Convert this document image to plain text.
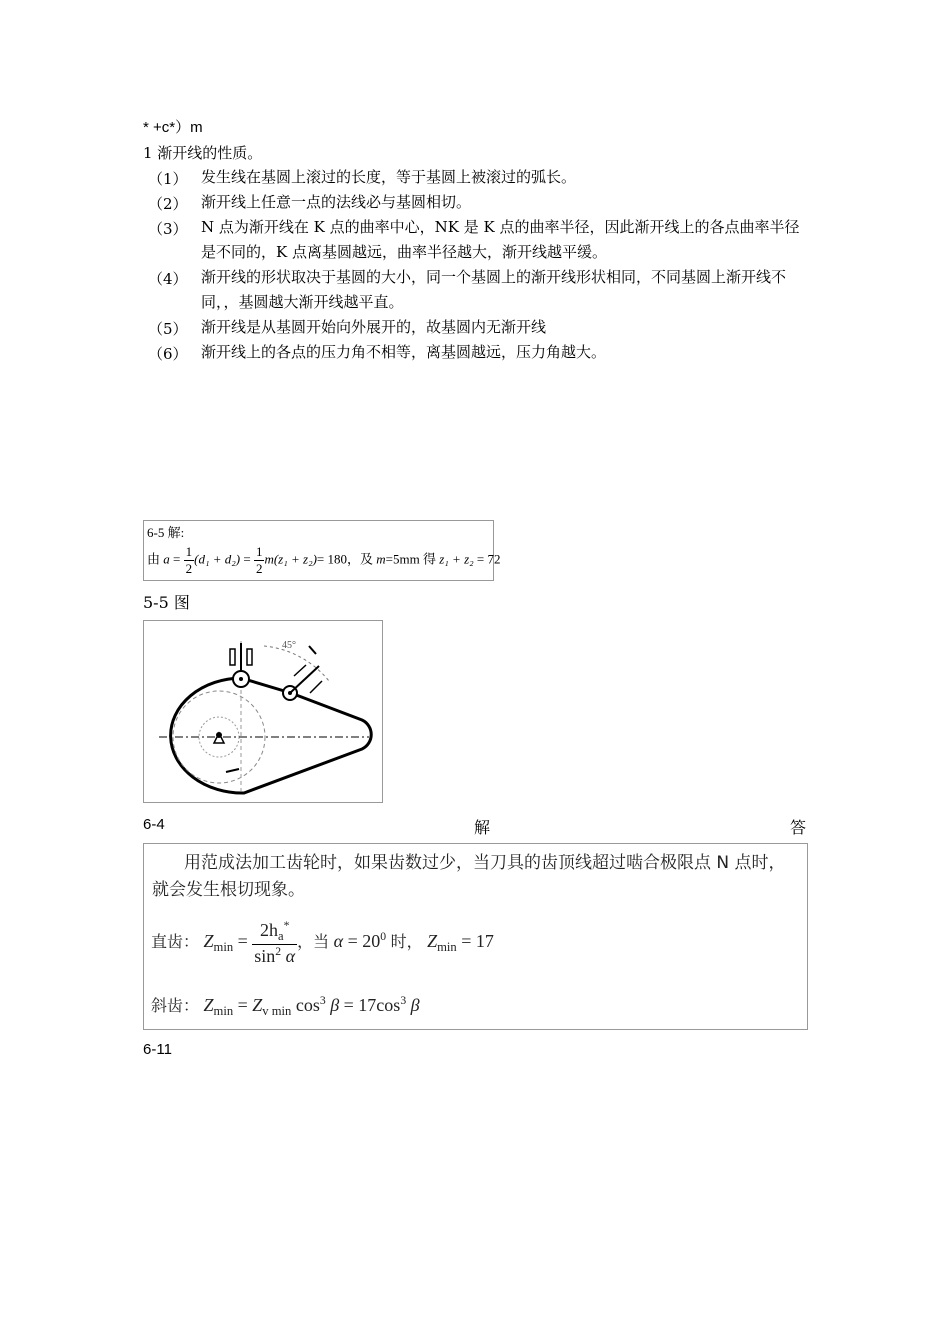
* +c*）m
1 渐开线的性质。
（1） 发生线在基圆上滚过的长度，等于基圆上被滚过的弧长。
（2） 渐开线上任意一点的法线必与基圆相切。
（3） N 点为渐开线在 K 点的曲率中心，NK 是 K 点的曲率半径，因此渐开线上的各点曲率半径是不同的，K 点离基圆越远，曲率半径越大，渐开线越平缓。
（4） 渐开线的形状取决于基圆的大小，同一个基圆上的渐开线形状相同，不同基圆上渐开线不同，，基圆越大渐开线越平直。
（5） 渐开线是从基圆开始向外展开的，故基圆内无渐开线
（6） 渐开线上的各点的压力角不相等，离基圆越远，压力角越大。
6-5 解:
由 $a = \frac{1}{2} (d_1 + d_2) = \frac{1}{2} m(z_1 + z_2)= 180$，及 m=5mm 得 z₁ + z₂ = 72
5-5 图
45°
6-4	解	答
用范成法加工齿轮时，如果齿数过少，当刀具的齿顶线超过啮合极限点 N 点时，就会发生根切现象。
直齿： $Z_{min} = \frac{2h_a^*}{\sin^2 \alpha}$ ，当 $\alpha = 20^0$ 时， $Z_{min} = 17$
斜齿： $Z_{min} = Z_{v min}$ $\cos^3 \beta = 17\cos^3$ β
6-11
